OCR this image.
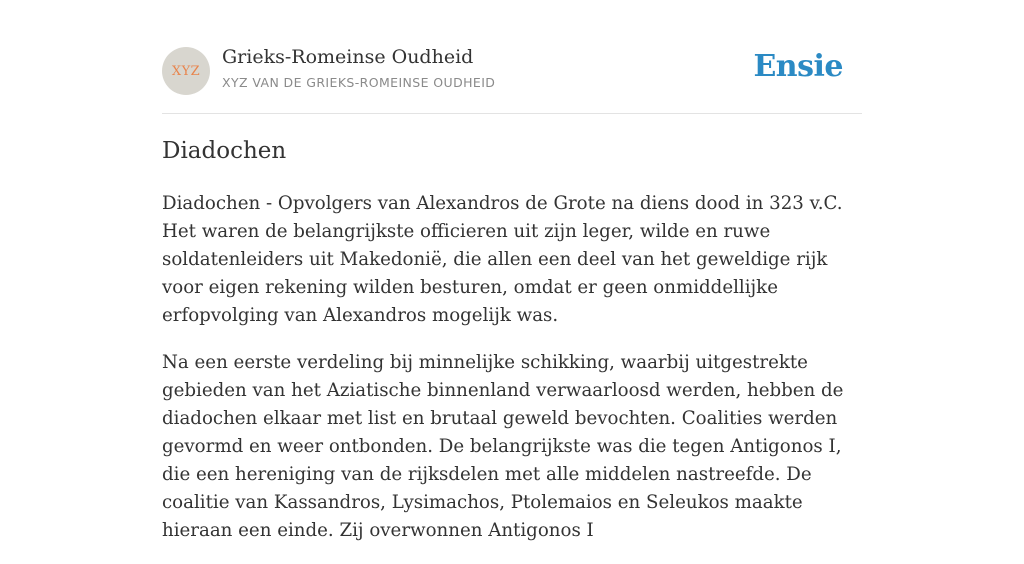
XYZ
Grieks-Romeinse Oudheid
XYZ VAN DE GRIEKS-ROMEINSE OUDHEID	Ensie
Diadochen

Diadochen - Opvolgers van Alexandros de Grote na diens dood in 323 v.C. Het waren de belangrijkste officieren uit zijn leger, wilde en ruwe soldatenleiders uit Makedonië, die allen een deel van het geweldige rijk voor eigen rekening wilden besturen, omdat er geen onmiddellijke erfopvolging van Alexandros mogelijk was.

Na een eerste verdeling bij minnelijke schikking, waarbij uitgestrekte gebieden van het Aziatische binnenland verwaarloosd werden, hebben de diadochen elkaar met list en brutaal geweld bevochten. Coalities werden gevormd en weer ontbonden. De belangrijkste was die tegen Antigonos I, die een hereniging van de rijksdelen met alle middelen nastreefde. De coalitie van Kassandros, Lysimachos, Ptolemaios en Seleukos maakte hieraan een einde. Zij overwonnen Antigonos I
